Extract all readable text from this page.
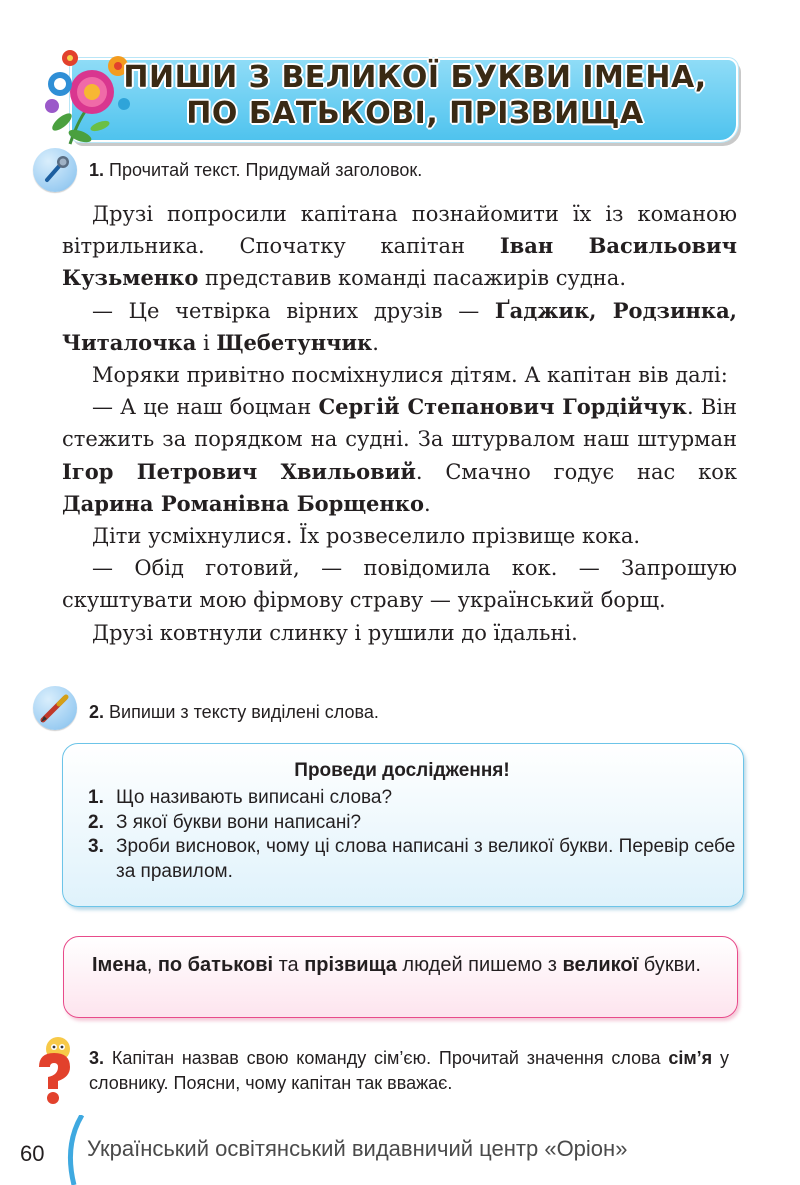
ПИШИ З ВЕЛИКОЇ БУКВИ ІМЕНА,
ПО БАТЬКОВІ, ПРІЗВИЩА
1. Прочитай текст. Придумай заголовок.

Друзі попросили капітана познайомити їх із команою вітрильника. Спочатку капітан Іван Васильович Кузьменко представив команді пасажирів судна.

— Це четвірка вірних друзів — Ґаджик, Родзинка, Читалочка і Щебетунчик.

Моряки привітно посміхнулися дітям. А капітан вів далі:

— А це наш боцман Сергій Степанович Гордійчук. Він стежить за порядком на судні. За штурвалом наш штурман Ігор Петрович Хвильовий. Смачно годує нас кок Дарина Романівна Борщенко.

Діти усміхнулися. Їх розвеселило прізвище кока.

— Обід готовий, — повідомила кок. — Запрошую скуштувати мою фірмову страву — український борщ.

Друзі ковтнули слинку і рушили до їдальні.

2. Випиши з тексту виділені слова.
Проведи дослідження!
1. Що називають виписані слова?
2. З якої букви вони написані?
3. Зроби висновок, чому ці слова написані з великої букви. Перевір себе за правилом.
Імена, по батькові та прізвища людей пишемо з великої букви.
3. Капітан назвав свою команду сім’єю. Прочитай значення слова сім’я у словнику. Поясни, чому капітан так вважає.
60 Український освітянський видавничий центр «Оріон»
